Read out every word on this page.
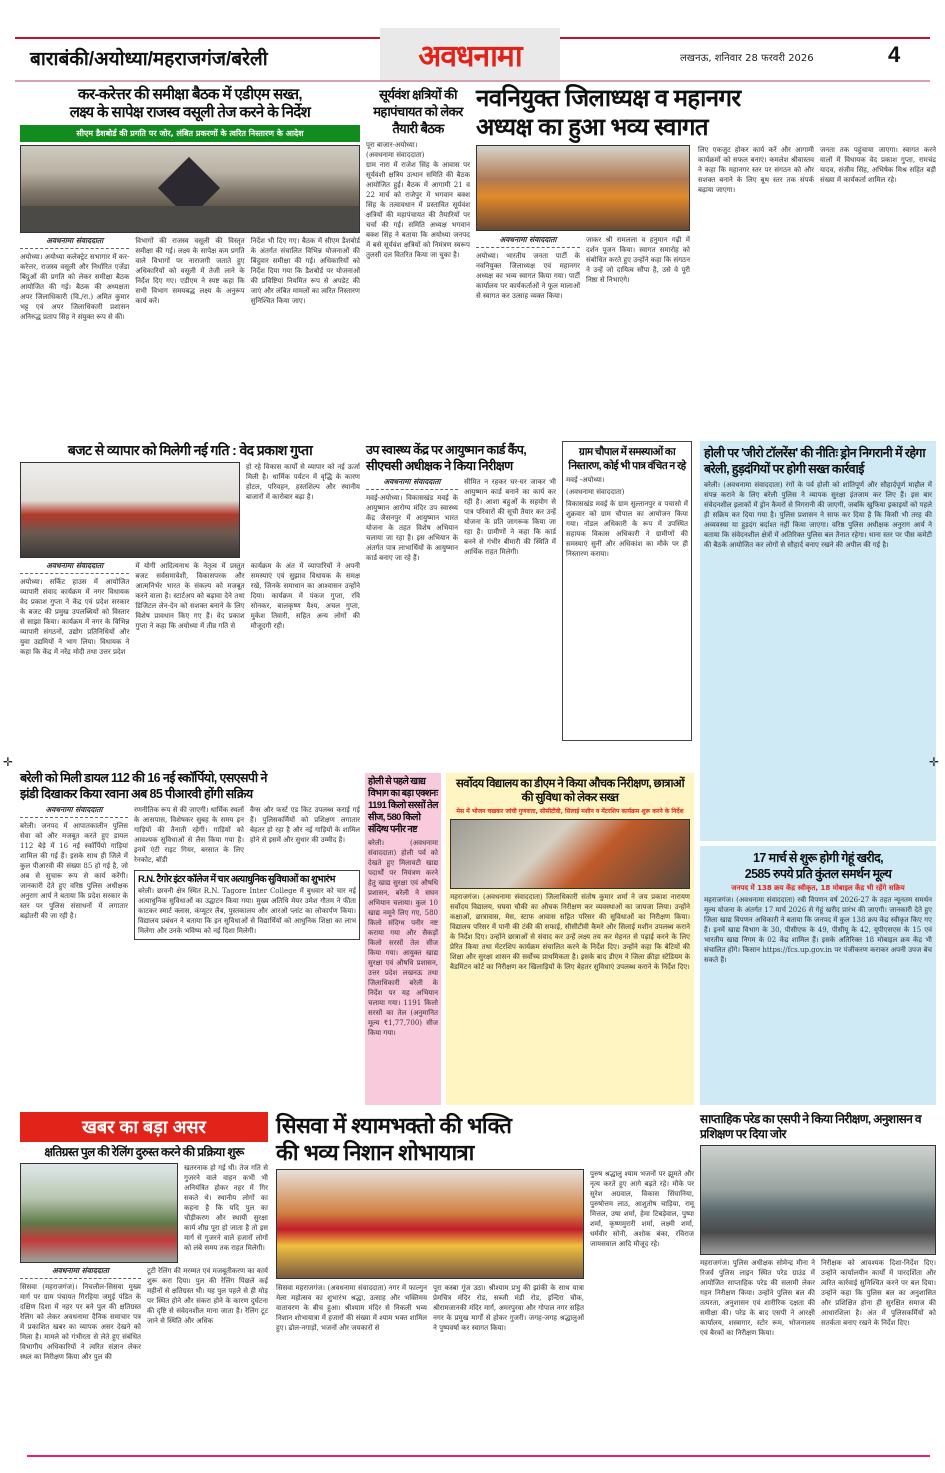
बाराबंकी/अयोध्या/महराजगंज/बरेली	अवधनामा	लखनऊ, शनिवार 28 फरवरी 2026	4
कर-करेत्तर की समीक्षा बैठक में एडीएम सख्त,
लक्ष्य के सापेक्ष राजस्व वसूली तेज करने के निर्देश
सीएम डैशबोर्ड की प्रगति पर जोर, लंबित प्रकरणों के त्वरित निस्तारण के आदेश
अवधनामा संवाददाता
अयोध्या। अयोध्या कलेक्ट्रेट सभागार में कर-करेत्तर, राजस्व वसूली और निर्धारित एजेंडा बिंदुओं की प्रगति को लेकर समीक्षा बैठक आयोजित की गई। बैठक की अध्यक्षता अपर जिलाधिकारी (वि./रा.) अमित कुमार भट्ट एवं अपर जिलाधिकारी प्रशासन अनिरुद्ध प्रताप सिंह ने संयुक्त रूप से की।
विभागों की राजस्व वसूली की विस्तृत समीक्षा की गई। लक्ष्य के सापेक्ष कम प्रगति वाले विभागों पर नाराजगी जताते हुए अधिकारियों को वसूली में तेजी लाने के निर्देश दिए गए। एडीएम ने स्पष्ट कहा कि सभी विभाग समयबद्ध लक्ष्य के अनुरूप कार्य करें।
निर्देश भी दिए गए। बैठक में सीएम डैशबोर्ड के अंतर्गत संचालित विभिन्न योजनाओं की बिंदुवार समीक्षा की गई। अधिकारियों को निर्देश दिया गया कि डैशबोर्ड पर योजनाओं की प्रविष्टियां नियमित रूप से अपडेट की जाएं और लंबित मामलों का त्वरित निस्तारण सुनिश्चित किया जाए।
सूर्यवंश क्षत्रियों की महापंचायत को लेकर तैयारी बैठक
पूरा बाजार-अयोध्या।
(अवधनामा संवाददाता)
ग्राम नारा में राजेश सिंह के आवास पर सूर्यवंशी क्षत्रिय उत्थान समिति की बैठक आयोजित हुई। बैठक में आगामी 21 व 22 मार्च को राजेपुर में भगवान बक्श सिंह के तत्वावधान में प्रस्तावित सूर्यवंश क्षत्रियों की महापंचायत की तैयारियों पर चर्चा की गई। समिति अध्यक्ष भगवान बक्श सिंह ने बताया कि अयोध्या जनपद में बसे सूर्यवंश क्षत्रियों को निमंत्रण स्वरूप तुलसी दल वितरित किया जा चुका है।
नवनियुक्त जिलाध्यक्ष व महानगर
अध्यक्ष का हुआ भव्य स्वागत
अवधनामा संवाददाता
अयोध्या। भारतीय जनता पार्टी के नवनियुक्त जिलाध्यक्ष एवं महानगर अध्यक्ष का भव्य स्वागत किया गया। पार्टी कार्यालय पर कार्यकर्ताओं ने फूल मालाओं से स्वागत कर उत्साह व्यक्त किया।
जाकर श्री रामलला व हनुमान गढ़ी में दर्शन पूजन किया। स्वागत समारोह को संबोधित करते हुए उन्होंने कहा कि संगठन ने उन्हें जो दायित्व सौंपा है, उसे वे पूरी निष्ठा से निभाएंगे।
लिए एकजुट होकर कार्य करें और आगामी कार्यक्रमों को सफल बनाएं। कमलेश श्रीवास्तव ने कहा कि महानगर स्तर पर संगठन को और सशक्त बनाने के लिए बूथ स्तर तक संपर्क बढ़ाया जाएगा।
जनता तक पहुंचाया जाएगा। स्वागत करने वालों में विधायक वेद प्रकाश गुप्ता, रामचंद्र यादव, संजीव सिंह, अभिषेक मिश्र सहित बड़ी संख्या में कार्यकर्ता शामिल रहे।
बजट से व्यापार को मिलेगी नई गति : वेद प्रकाश गुप्ता
हो रहे विकास कार्यों से व्यापार को नई ऊर्जा मिली है। धार्मिक पर्यटन में वृद्धि के कारण होटल, परिवहन, हस्तशिल्प और स्थानीय बाजारों में कारोबार बढ़ा है।
अवधनामा संवाददाता
अयोध्या। सर्किट हाउस में आयोजित व्यापारी संवाद कार्यक्रम में नगर विधायक वेद प्रकाश गुप्ता ने केंद्र एवं प्रदेश सरकार के बजट की प्रमुख उपलब्धियों को विस्तार से साझा किया। कार्यक्रम में नगर के विभिन्न व्यापारी संगठनों, उद्योग प्रतिनिधियों और युवा उद्यमियों ने भाग लिया। विधायक ने कहा कि केंद्र में नरेंद्र मोदी तथा उत्तर प्रदेश
में योगी आदित्यनाथ के नेतृत्व में प्रस्तुत बजट सर्वसमावेशी, विकासपरक और आत्मनिर्भर भारत के संकल्प को मजबूत करने वाला है। स्टार्टअप को बढ़ावा देने तथा डिजिटल लेन-देन को सशक्त बनाने के लिए विशेष प्रावधान किए गए हैं। वेद प्रकाश गुप्ता ने कहा कि अयोध्या में तीव्र गति से
कार्यक्रम के अंत में व्यापारियों ने अपनी समस्याएं एवं सुझाव विधायक के समक्ष रखे, जिनके समाधान का आश्वासन उन्होंने दिया। कार्यक्रम में पंकज गुप्ता, रवि सोनकर, बालकृष्ण वैश्य, अचल गुप्ता, मुकेश तिवारी, सहित अन्य लोगों की मौजूदगी रही।
उप स्वास्थ्य केंद्र पर आयुष्मान कार्ड कैंप, सीएचसी अधीक्षक ने किया निरीक्षण
अवधनामा संवाददाता
मवई-अयोध्या। विकासखंड मवई के आयुष्मान आरोग्य मंदिर उप स्वास्थ्य केंद्र जैसनपुर में आयुष्मान भारत योजना के तहत विशेष अभियान चलाया जा रहा है। इस अभियान के अंतर्गत पात्र लाभार्थियों के आयुष्मान कार्ड बनाए जा रहे हैं।
सीमित न रहकर घर-घर जाकर भी आयुष्मान कार्ड बनाने का कार्य कर रही है। आशा बहुओं के सहयोग से पात्र परिवारों की सूची तैयार कर उन्हें योजना के प्रति जागरूक किया जा रहा है। ग्रामीणों ने कहा कि कार्ड बनने से गंभीर बीमारी की स्थिति में आर्थिक राहत मिलेगी।
ग्राम चौपाल में समस्याओं का निस्तारण, कोई भी पात्र वंचित न रहे
मवई -अयोध्या।
(अवधनामा संवाददाता)
विकासखंड मवई के ग्राम सुल्तानपुर व पचासो में शुक्रवार को ग्राम चौपाल का आयोजन किया गया। नोडल अधिकारी के रूप में उपस्थित सहायक विकास अधिकारी ने ग्रामीणों की समस्याएं सुनीं और अधिकांश का मौके पर ही निस्तारण कराया।
होली पर 'जीरो टॉलरेंस' की नीतिः ड्रोन निगरानी में रहेगा बरेली, हुड़दंगियों पर होगी सख्त कार्रवाई
बरेली। (अवधनामा संवाददाता) रंगों के पर्व होली को शांतिपूर्ण और सौहार्दपूर्ण माहौल में संपन्न कराने के लिए बरेली पुलिस ने व्यापक सुरक्षा इंतजाम कर लिए हैं। इस बार संवेदनशील इलाकों में ड्रोन कैमरों से निगरानी की जाएगी, जबकि खुफिया इकाइयों को पहले ही सक्रिय कर दिया गया है। पुलिस प्रशासन ने साफ कर दिया है कि किसी भी तरह की अव्यवस्था या हुड़दंग बर्दाश्त नहीं किया जाएगा। वरिष्ठ पुलिस अधीक्षक अनुराग आर्य ने बताया कि संवेदनशील क्षेत्रों में अतिरिक्त पुलिस बल तैनात रहेगा। थाना स्तर पर पीस कमेटी की बैठकें आयोजित कर लोगों से सौहार्द बनाए रखने की अपील की गई है।
बरेली को मिली डायल 112 की 16 नई स्कॉर्पियो, एसएसपी ने
झंडी दिखाकर किया रवाना अब 85 पीआरवी होंगी सक्रिय
अवधनामा संवाददाता
बरेली। जनपद में आपातकालीन पुलिस सेवा को और मजबूत करते हुए डायल 112 बेड़े में 16 नई स्कॉर्पियो गाड़ियां शामिल की गई हैं। इसके साथ ही जिले में कुल पीआरवी की संख्या 85 हो गई है, जो अब से सुचारू रूप से कार्य करेंगी। जानकारी देते हुए वरिष्ठ पुलिस अधीक्षक अनुराग आर्य ने बताया कि प्रदेश सरकार के स्तर पर पुलिस संसाधनों में लगातार बढ़ोतरी की जा रही है।
रणनीतिक रूप से की जाएगी। धार्मिक स्थलों के आसपास, विशेषकर सुबह के समय इन गाड़ियों की तैनाती रहेगी। गाड़ियों को आवश्यक सुविधाओं से लैस किया गया है। इनमें एंटी राइट गियर, बरसात के लिए रेनकोट, बॉडी
वैग्स और फर्स्ट एड किट उपलब्ध कराई गई हैं। पुलिसकर्मियों को प्रशिक्षण लगातार बेहतर हो रहा है और नई गाड़ियों के शामिल होने से इसमें और सुधार की उम्मीद है।
R.N. टैगोर इंटर कॉलेज में चार अत्याधुनिक सुविधाओं का शुभारंभ
बरेली। छावनी क्षेत्र स्थित R.N. Tagore Inter College में बुधवार को चार नई अत्याधुनिक सुविधाओं का उद्घाटन किया गया। मुख्य अतिथि मेयर उमेश गौतम ने फीता काटकर स्मार्ट क्लास, कंप्यूटर लैब, पुस्तकालय और आरओ प्लांट का लोकार्पण किया। विद्यालय प्रबंधन ने बताया कि इन सुविधाओं से विद्यार्थियों को आधुनिक शिक्षा का लाभ मिलेगा और उनके भविष्य को नई दिशा मिलेगी।
होली से पहले खाद्य विभाग का बड़ा एक्शनः 1191 किलो सरसों तेल सीज, 580 किलो संदिग्ध पनीर नष्ट
बरेली। (अवधनामा संवाददाता) होली पर्व को देखते हुए मिलावटी खाद्य पदार्थों पर नियंत्रण करने हेतु खाद्य सुरक्षा एवं औषधि प्रशासन, बरेली ने सघन अभियान चलाया। कुल 10 खाद्य नमूने लिए गए, 580 किलो संदिग्ध पनीर नष्ट कराया गया और सैकड़ों किलो सरसों तेल सीज किया गया। आयुक्त खाद्य सुरक्षा एवं औषधि प्रशासन, उत्तर प्रदेश लखनऊ तथा जिलाधिकारी बरेली के निर्देश पर यह अभियान चलाया गया। 1191 किलो सरसों का तेल (अनुमानित मूल्य ₹1,77,700) सीज किया गया।
सर्वोदय विद्यालय का डीएम ने किया औचक निरीक्षण, छात्राओं की सुविधा को लेकर सख्त
मेस में भोजन चखकर जांची गुणवत्ता, सीसीटीवी, सिलाई मशीन व मेंटरशिप कार्यक्रम शुरू करने के निर्देश
महराजगंज। (अवधनामा संवाददाता) जिलाधिकारी संतोष कुमार शर्मा ने जय प्रकाश नारायण सर्वोदय विद्यालय, घघवा चौकी का औचक निरीक्षण कर व्यवस्थाओं का जायजा लिया। उन्होंने कक्षाओं, छात्रावास, मेस, स्टाफ आवास सहित परिसर की सुविधाओं का निरीक्षण किया। विद्यालय परिसर में पानी की टंकी की सफाई, सीसीटीवी कैमरे और सिलाई मशीन उपलब्ध कराने के निर्देश दिए। उन्होंने छात्राओं से संवाद कर उन्हें लक्ष्य तय कर मेहनत से पढ़ाई करने के लिए प्रेरित किया तथा मेंटरशिप कार्यक्रम संचालित करने के निर्देश दिए। उन्होंने कहा कि बेटियों की शिक्षा और सुरक्षा शासन की सर्वोच्च प्राथमिकता है। इसके बाद डीएम ने जिला क्रीड़ा स्टेडियम के बैडमिंटन कोर्ट का निरीक्षण कर खिलाड़ियों के लिए बेहतर सुविधाएं उपलब्ध कराने के निर्देश दिए।
17 मार्च से शुरू होगी गेहूं खरीद,
2585 रुपये प्रति कुंतल समर्थन मूल्य
जनपद में 138 क्रय केंद्र स्वीकृत, 18 मोबाइल केंद्र भी रहेंगे सक्रिय
महराजगंज। (अवधनामा संवाददाता) रबी विपणन वर्ष 2026-27 के तहत न्यूनतम समर्थन मूल्य योजना के अंतर्गत 17 मार्च 2026 से गेहूं खरीद प्रारंभ की जाएगी। जानकारी देते हुए जिला खाद्य विपणन अधिकारी ने बताया कि जनपद में कुल 138 क्रय केंद्र स्वीकृत किए गए हैं। इनमें खाद्य विभाग के 30, पीसीएफ के 49, पीसीयू के 42, यूपीएसएस के 15 एवं भारतीय खाद्य निगम के 02 केंद्र शामिल हैं। इसके अतिरिक्त 18 मोबाइल क्रय केंद्र भी संचालित होंगे। किसान https://fcs.up.gov.in पर पंजीकरण कराकर अपनी उपज बेच सकते हैं।
खबर का बड़ा असर
क्षतिग्रस्त पुल की रेलिंग दुरुस्त करने की प्रक्रिया शुरू
खतरनाक हो गई थी। तेज गति से गुजरने वाले वाहन कभी भी अनियंत्रित होकर नहर में गिर सकते थे। स्थानीय लोगों का कहना है कि यदि पुल का चौड़ीकरण और स्थायी सुरक्षा कार्य शीघ्र पूरा हो जाता है तो इस मार्ग से गुजरने वाले हजारों लोगों को लंबे समय तक राहत मिलेगी।
अवधनामा संवाददाता
सिसवा (महराजगंज)। निचलौल-सिसवा मुख्य मार्ग पर ग्राम पंचायत गिरहिया जमुई पंडित के दक्षिण दिशा में नहर पर बने पुल की क्षतिग्रस्त रेलिंग को लेकर अवधनामा दैनिक समाचार पत्र में प्रकाशित खबर का व्यापक असर देखने को मिला है। मामले को गंभीरता से लेते हुए संबंधित विभागीय अधिकारियों ने त्वरित संज्ञान लेकर स्थल का निरीक्षण किया और पुल की
टूटी रेलिंग की मरम्मत एवं मजबूतीकरण का कार्य शुरू करा दिया। पुल की रेलिंग पिछले कई महीनों से क्षतिग्रस्त थी। यह पुल पहले से ही मोड़ पर स्थित होने और संकरा होने के कारण दुर्घटना की दृष्टि से संवेदनशील माना जाता है। रेलिंग टूट जाने से स्थिति और अधिक
सिसवा में श्यामभक्तो की भक्ति
की भव्य निशान शोभायात्रा
सिसवा महराजगंज। (अवधनामा संवाददाता) नगर में फाल्गुन मेला महोत्सव का शुभारंभ श्रद्धा, उत्साह और भक्तिमय वातावरण के बीच हुआ। श्रीश्याम मंदिर से निकली भव्य निशान शोभायात्रा में हजारों की संख्या में श्याम भक्त शामिल हुए। ढोल-नगाड़ों, भजनों और जयकारों से
पूरा कस्बा गूंज उठा। श्रीश्याम प्रभु की झांकी के साथ यात्रा प्रेमचित्र मंदिर रोड, सब्जी मंडी रोड, इन्दिरा चौक, श्रीरामजानकी मंदिर मार्ग, अमरपुरवा और गोपाल नगर सहित नगर के प्रमुख मार्गों से होकर गुजरी। जगह-जगह श्रद्धालुओं ने पुष्पवर्षा कर स्वागत किया।
पुरुष श्रद्धालु श्याम भजनों पर झूमते और नृत्य करते हुए आगे बढ़ते रहे। मौके पर सुरेश अग्रवाल, विकास सिंघानिया, पुरुषोत्तम लाठ, आशुतोष चाड़िया, रामू मित्तल, उषा शर्मा, हेमा टिबड़ेवाल, पुष्पा शर्मा, कृष्णमुरारी शर्मा, लक्ष्मी शर्मा, धर्मवीर सोनी, अशोक बंका, रविराज जायसवाल आदि मौजूद रहे।
साप्ताहिक परेड का एसपी ने किया निरीक्षण, अनुशासन व प्रशिक्षण पर दिया जोर
महराजगंज। पुलिस अधीक्षक सोमेन्द्र मीना ने रिजर्व पुलिस लाइन स्थित परेड ग्राउंड में आयोजित साप्ताहिक परेड की सलामी लेकर गहन निरीक्षण किया। उन्होंने पुलिस बल की तत्परता, अनुशासन एवं शारीरिक दक्षता की समीक्षा की। परेड के बाद एसपी ने आरक्षी कार्यालय, शस्त्रागार, स्टोर रूम, भोजनालय एवं बैरकों का निरीक्षण किया।
निरीक्षक को आवश्यक दिशा-निर्देश दिए। उन्होंने कार्यालयीन कार्यों में पारदर्शिता और त्वरित कार्रवाई सुनिश्चित करने पर बल दिया। उन्होंने कहा कि पुलिस बल का अनुशासित और प्रशिक्षित होना ही सुरक्षित समाज की आधारशिला है। अंत में पुलिसकर्मियों को सतर्कता बनाए रखने के निर्देश दिए।
✛	✛
